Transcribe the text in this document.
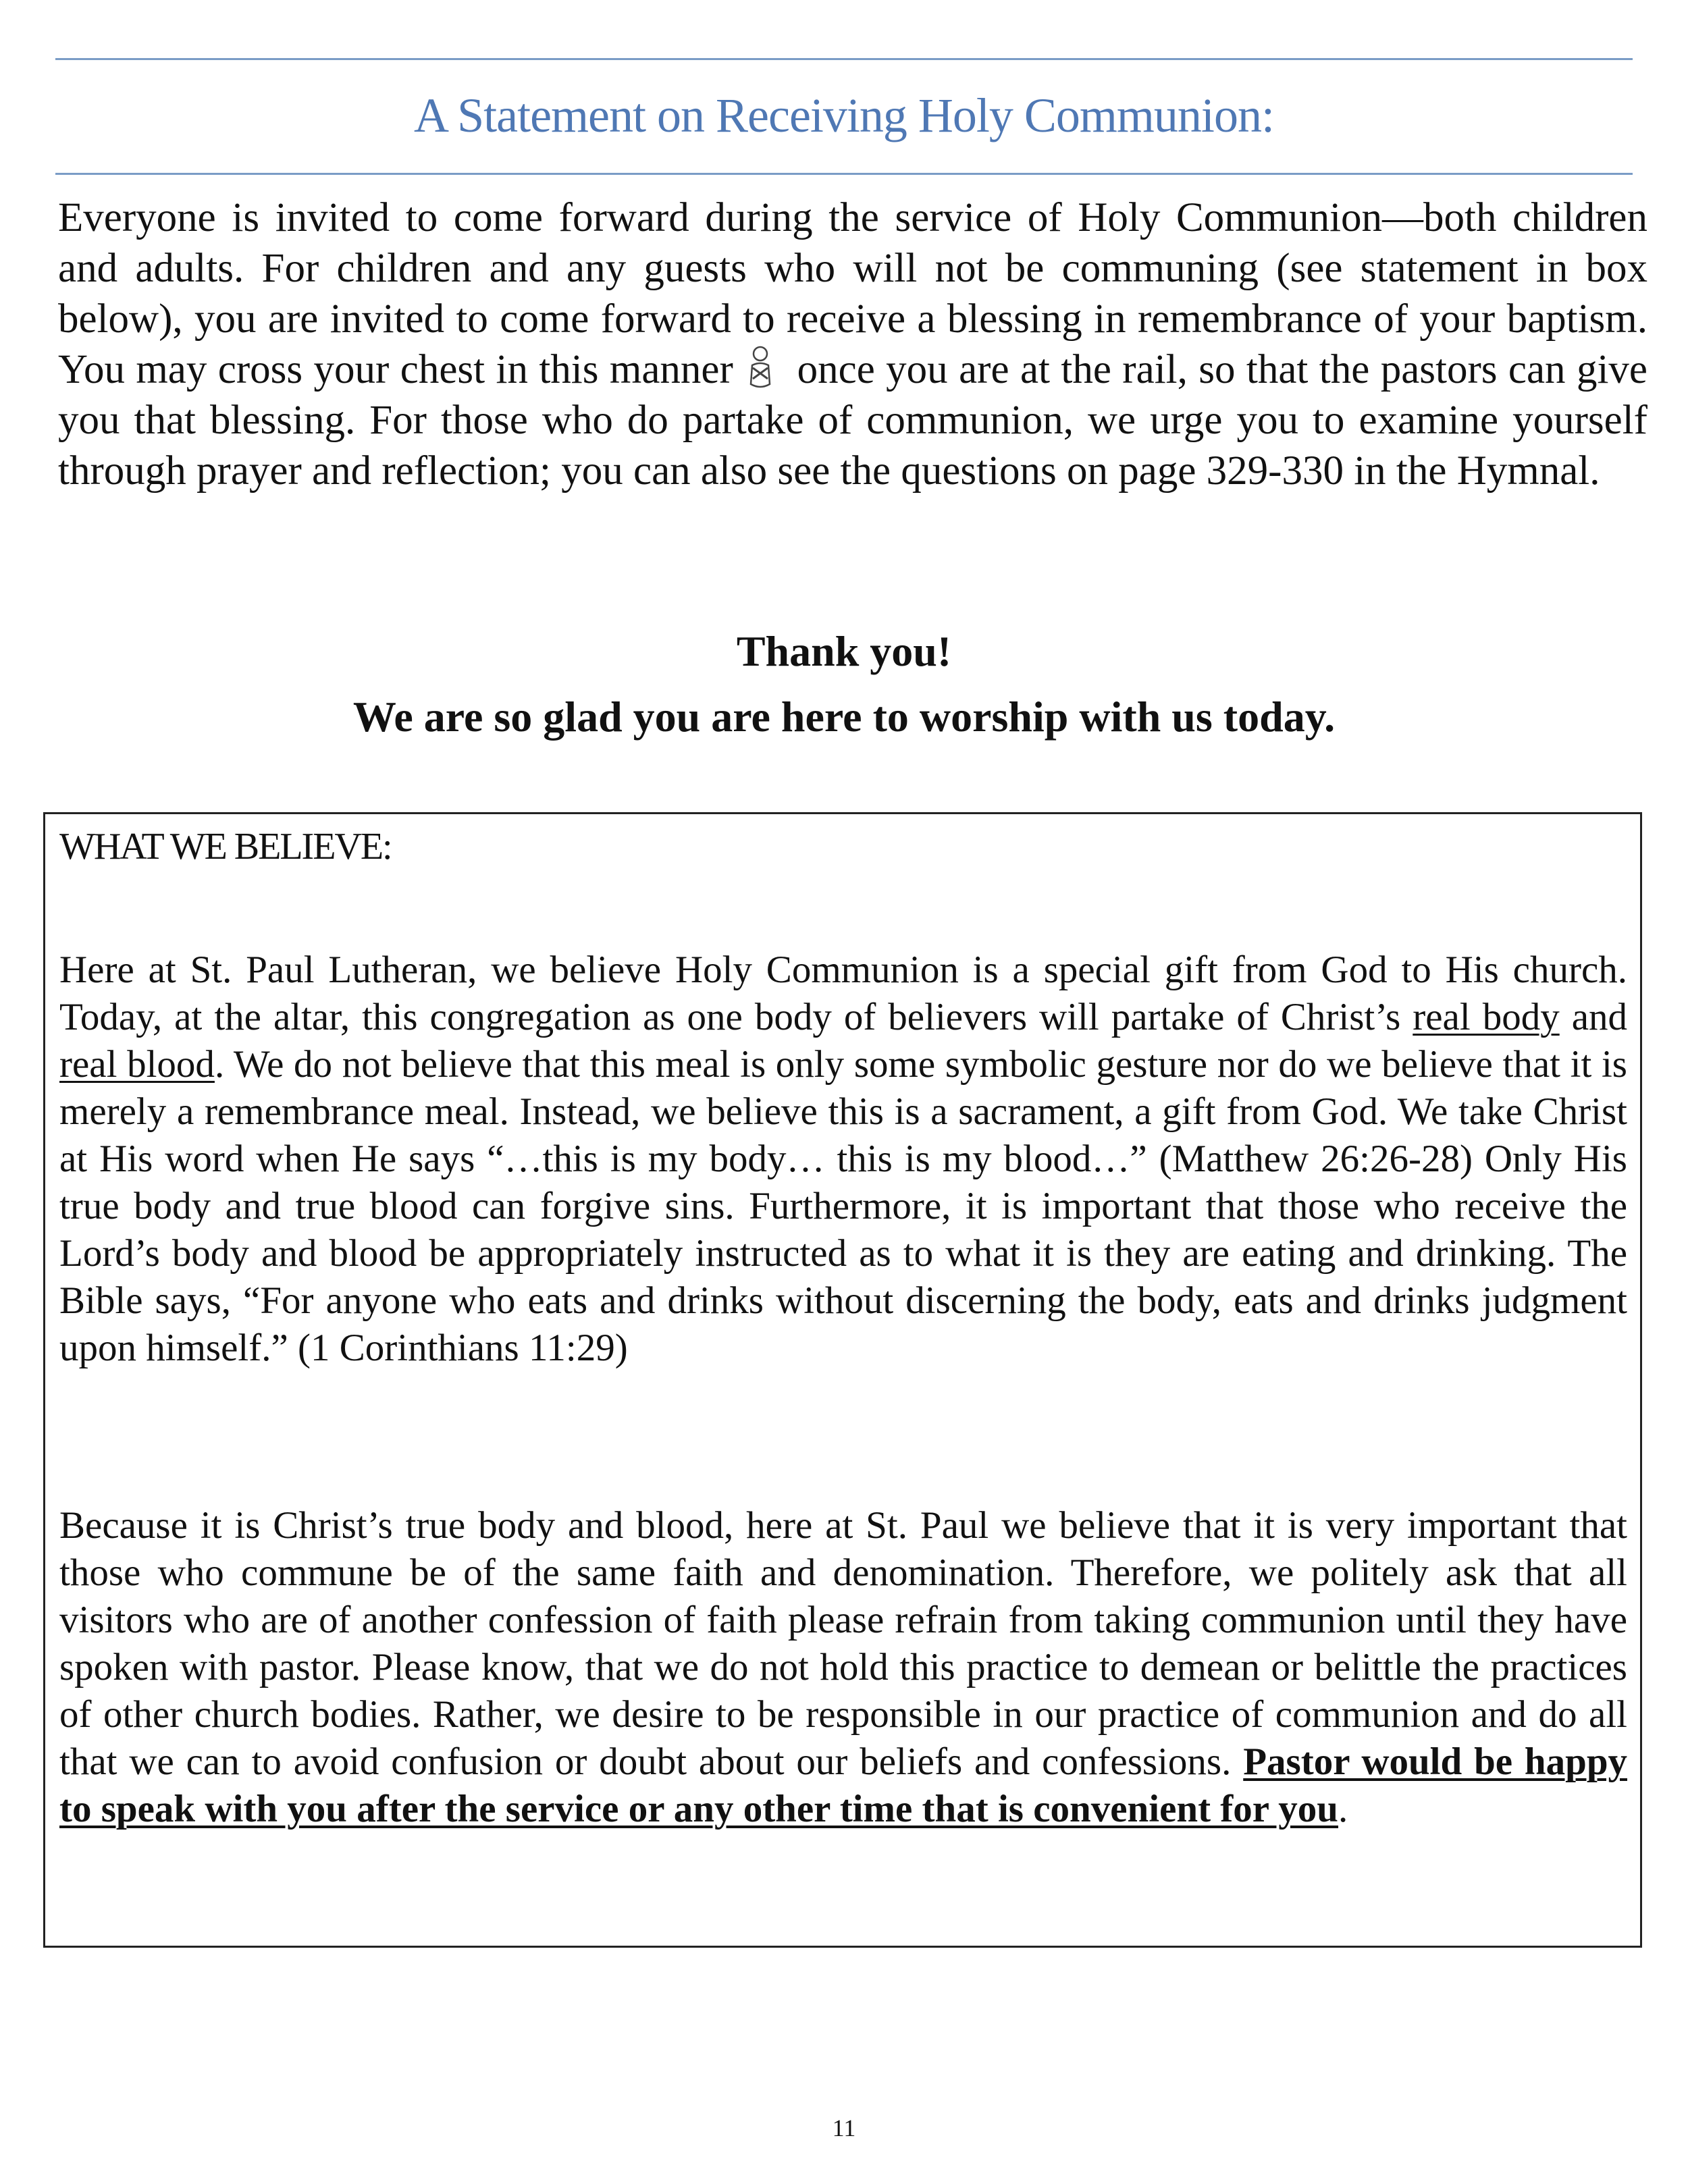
A Statement on Receiving Holy Communion:
Everyone is invited to come forward during the service of Holy Communion—both children and adults. For children and any guests who will not be communing (see statement in box below), you are invited to come forward to receive a blessing in remembrance of your baptism. You may cross your chest in this manner once you are at the rail, so that the pastors can give you that blessing. For those who do partake of communion, we urge you to examine yourself through prayer and reflection; you can also see the questions on page 329-330 in the Hymnal.
Thank you!
We are so glad you are here to worship with us today.
WHAT WE BELIEVE:
Here at St. Paul Lutheran, we believe Holy Communion is a special gift from God to His church. Today, at the altar, this congregation as one body of believers will partake of Christ’s real body and real blood. We do not believe that this meal is only some symbolic gesture nor do we believe that it is merely a remembrance meal. Instead, we believe this is a sacrament, a gift from God. We take Christ at His word when He says “…this is my body… this is my blood…” (Matthew 26:26-28) Only His true body and true blood can forgive sins. Furthermore, it is important that those who receive the Lord’s body and blood be appropriately instructed as to what it is they are eating and drinking. The Bible says, “For anyone who eats and drinks without discerning the body, eats and drinks judgment upon himself.” (1 Corinthians 11:29)
Because it is Christ’s true body and blood, here at St. Paul we believe that it is very important that those who commune be of the same faith and denomination. Therefore, we politely ask that all visitors who are of another confession of faith please refrain from taking communion until they have spoken with pastor. Please know, that we do not hold this practice to demean or belittle the practices of other church bodies. Rather, we desire to be responsible in our practice of communion and do all that we can to avoid confusion or doubt about our beliefs and confessions. Pastor would be happy to speak with you after the service or any other time that is convenient for you.
11
